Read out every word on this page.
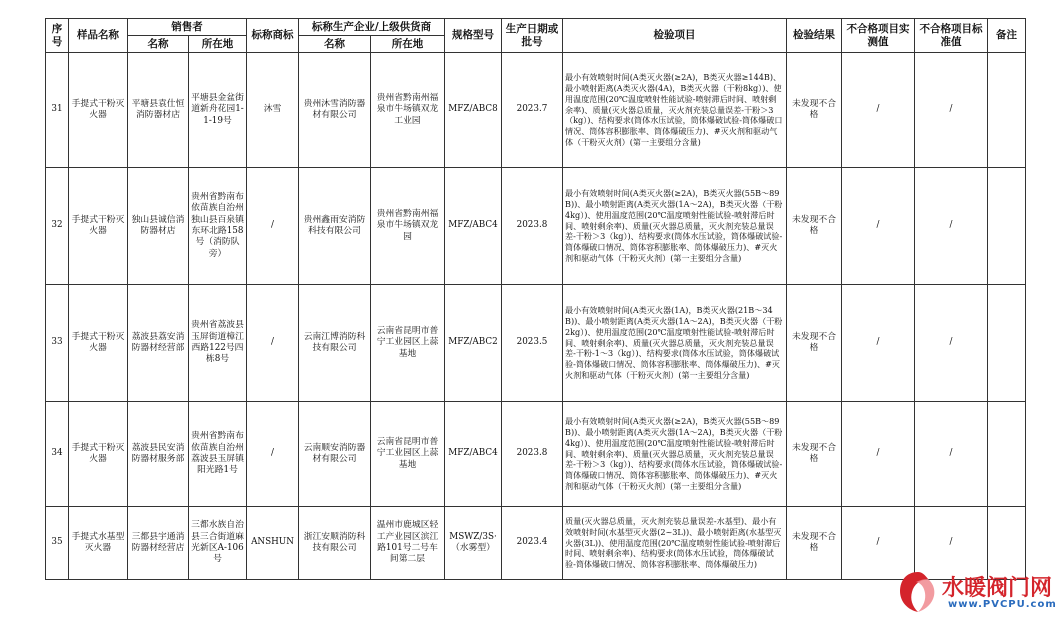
序号	样品名称	销售者		标称商标	标称生产企业/上级供货商		规格型号	生产日期或批号	检验项目	检验结果	不合格项目实测值	不合格项目标准值	备注
		名称	所在地		名称	所在地							
31	手提式干粉灭火器	平塘县袁仕恒消防器材店	平塘县金盆街道新舟花园1-1-19号	沐雪	贵州沐雪消防器材有限公司	贵州省黔南州福泉市牛场镇双龙工业园	MFZ/ABC8	2023.7	最小有效喷射时间(A类灭火器(≥2A)，B类灭火器≥144B)、最小喷射距离(A类灭火器(4A)，B类灭火器（干粉8kg）)、使用温度范围(20℃温度喷射性能试验-喷射滞后时间、喷射剩余率)、质量(灭火器总质量，灭火剂充装总量误差-干粉＞3（kg）)、结构要求(筒体水压试验，筒体爆破试验-筒体爆破口情况、筒体容积膨胀率、筒体爆破压力)、#灭火剂和驱动气体（干粉灭火剂）(第一主要组分含量)	未发现不合格	/	/	
32	手提式干粉灭火器	独山县诚信消防器材店	贵州省黔南布依苗族自治州独山县百泉镇东环北路158号（消防队旁）	/	贵州鑫雨安消防科技有限公司	贵州省黔南州福泉市牛场镇双龙园	MFZ/ABC4	2023.8	最小有效喷射时间(A类灭火器(≥2A)，B类灭火器(55B～89B))、最小喷射距离(A类灭火器(1A～2A)，B类灭火器（干粉4kg）)、使用温度范围(20℃温度喷射性能试验-喷射滞后时间、喷射剩余率)、质量(灭火器总质量，灭火剂充装总量误差-干粉＞3（kg）)、结构要求(筒体水压试验，筒体爆破试验-筒体爆破口情况、筒体容积膨胀率、筒体爆破压力)、#灭火剂和驱动气体（干粉灭火剂）(第一主要组分含量)	未发现不合格	/	/	
33	手提式干粉灭火器	荔波县荔安消防器材经营部	贵州省荔波县玉屏街道樟江西路122号四栋8号	/	云南江博消防科技有限公司	云南省昆明市普宁工业园区上蒜基地	MFZ/ABC2	2023.5	最小有效喷射时间(A类灭火器(1A)，B类灭火器(21B～34B))、最小喷射距离(A类灭火器(1A～2A)，B类灭火器（干粉2kg）)、使用温度范围(20℃温度喷射性能试验-喷射滞后时间、喷射剩余率)、质量(灭火器总质量，灭火剂充装总量误差-干粉-1～3（kg）)、结构要求(筒体水压试验，筒体爆破试验-筒体爆破口情况、筒体容积膨胀率、筒体爆破压力)、#灭火剂和驱动气体（干粉灭火剂）(第一主要组分含量)	未发现不合格	/	/	
34	手提式干粉灭火器	荔波县民安消防器材服务部	贵州省黔南布依苗族自治州荔波县玉屏镇阳光路1号	/	云南顺安消防器材有限公司	云南省昆明市普宁工业园区上蒜基地	MFZ/ABC4	2023.8	最小有效喷射时间(A类灭火器(≥2A)，B类灭火器(55B～89B))、最小喷射距离(A类灭火器(1A～2A)，B类灭火器（干粉4kg）)、使用温度范围(20℃温度喷射性能试验-喷射滞后时间、喷射剩余率)、质量(灭火器总质量，灭火剂充装总量误差-干粉＞3（kg）)、结构要求(筒体水压试验，筒体爆破试验-筒体爆破口情况、筒体容积膨胀率、筒体爆破压力)、#灭火剂和驱动气体（干粉灭火剂）(第一主要组分含量)	未发现不合格	/	/	
35	手提式水基型灭火器	三都县宇通消防器材经营店	三都水族自治县三合街道麻光新区A-106号	ANSHUN	浙江安顺消防科技有限公司	温州市鹿城区轻工产业园区滨江路101号二号车间第二层	MSWZ/3S·（水雾型）	2023.4	质量(灭火器总质量，灭火剂充装总量误差-水基型)、最小有效喷射时间(水基型灭火器(2~3L))、最小喷射距离(水基型灭火器(3L))、使用温度范围(20℃温度喷射性能试验-喷射滞后时间、喷射剩余率)、结构要求(筒体水压试验，筒体爆破试验-筒体爆破口情况、筒体容积膨胀率、筒体爆破压力)	未发现不合格	/	/	
水暖阀门网
www.PVCPU.com
